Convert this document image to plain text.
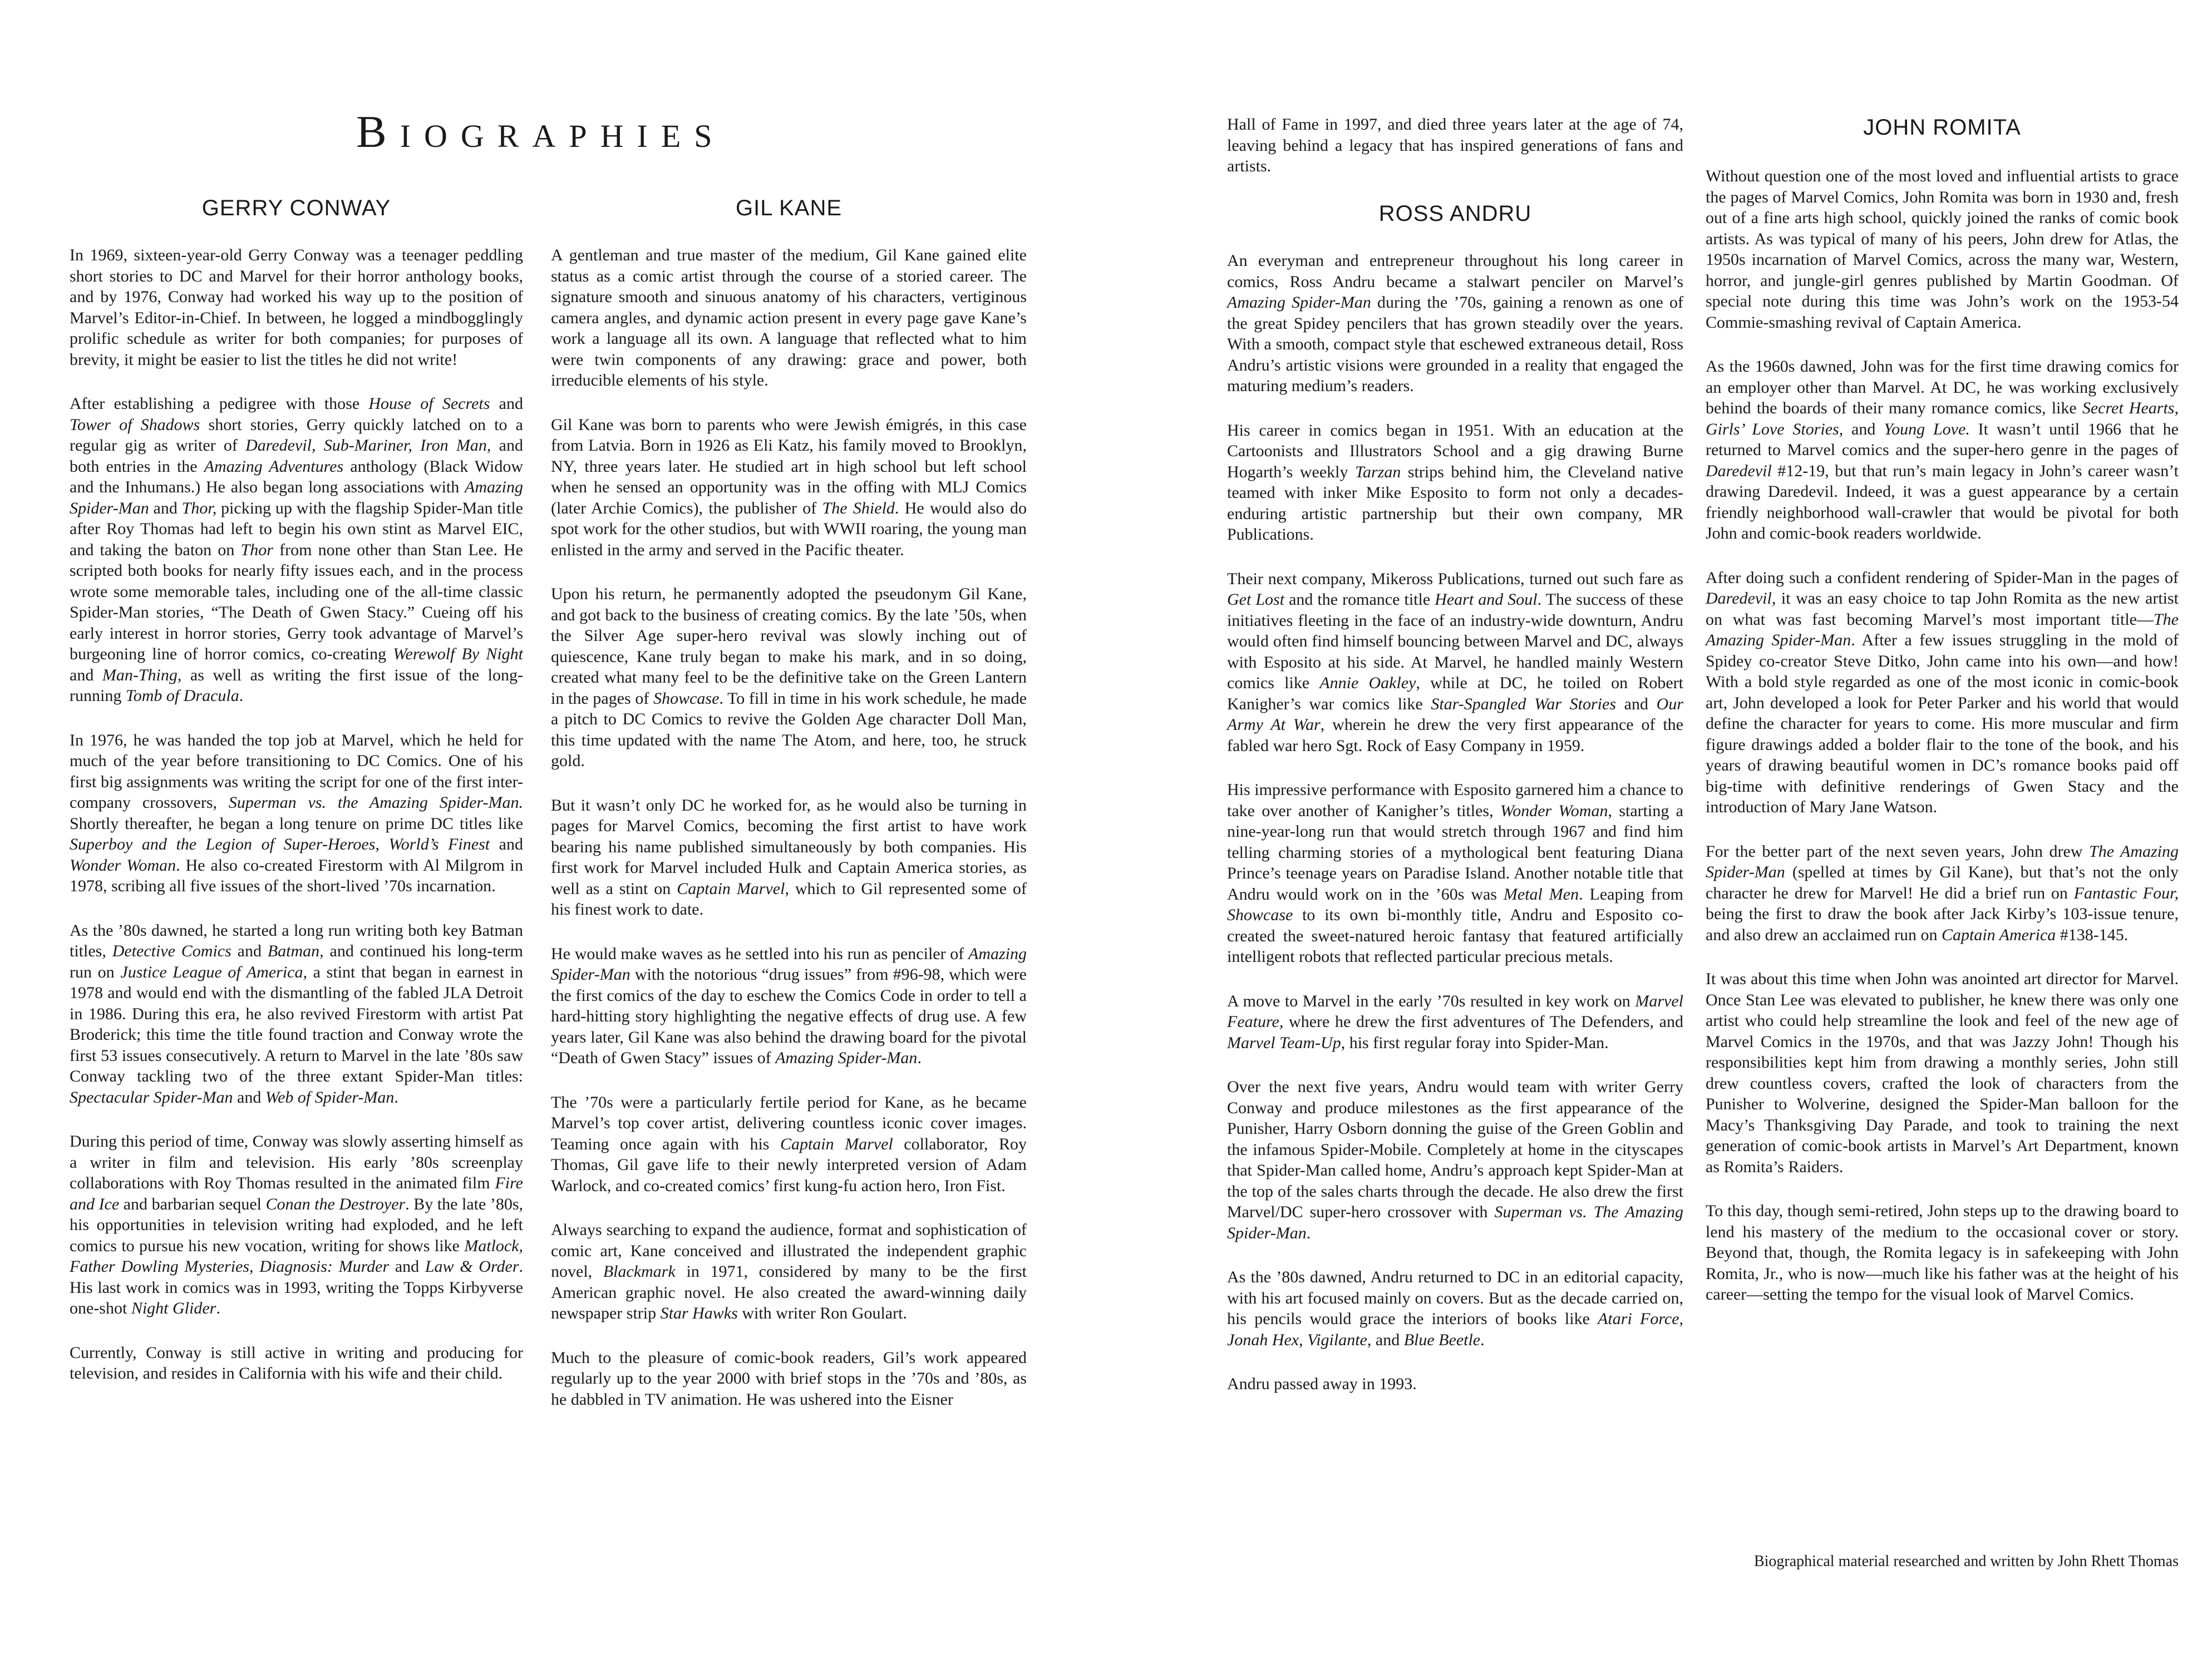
BIOGRAPHIES
GERRY CONWAY

In 1969, sixteen-year-old Gerry Conway was a teenager peddling short stories to DC and Marvel for their horror anthology books, and by 1976, Conway had worked his way up to the position of Marvel’s Editor-in-Chief. In between, he logged a mindbogglingly prolific schedule as writer for both companies; for purposes of brevity, it might be easier to list the titles he did not write!

After establishing a pedigree with those House of Secrets and Tower of Shadows short stories, Gerry quickly latched on to a regular gig as writer of Daredevil, Sub-Mariner, Iron Man, and both entries in the Amazing Adventures anthology (Black Widow and the Inhumans.) He also began long associations with Amazing Spider-Man and Thor, picking up with the flagship Spider-Man title after Roy Thomas had left to begin his own stint as Marvel EIC, and taking the baton on Thor from none other than Stan Lee. He scripted both books for nearly fifty issues each, and in the process wrote some memorable tales, including one of the all-time classic Spider-Man stories, “The Death of Gwen Stacy.” Cueing off his early interest in horror stories, Gerry took advantage of Marvel’s burgeoning line of horror comics, co-creating Werewolf By Night and Man-Thing, as well as writing the first issue of the long-running Tomb of Dracula.

In 1976, he was handed the top job at Marvel, which he held for much of the year before transitioning to DC Comics. One of his first big assignments was writing the script for one of the first inter-company crossovers, Superman vs. the Amazing Spider-Man. Shortly thereafter, he began a long tenure on prime DC titles like Superboy and the Legion of Super-Heroes, World’s Finest and Wonder Woman. He also co-created Firestorm with Al Milgrom in 1978, scribing all five issues of the short-lived ’70s incarnation.

As the ’80s dawned, he started a long run writing both key Batman titles, Detective Comics and Batman, and continued his long-term run on Justice League of America, a stint that began in earnest in 1978 and would end with the dismantling of the fabled JLA Detroit in 1986. During this era, he also revived Firestorm with artist Pat Broderick; this time the title found traction and Conway wrote the first 53 issues consecutively. A return to Marvel in the late ’80s saw Conway tackling two of the three extant Spider-Man titles: Spectacular Spider-Man and Web of Spider-Man.

During this period of time, Conway was slowly asserting himself as a writer in film and television. His early ’80s screenplay collaborations with Roy Thomas resulted in the animated film Fire and Ice and barbarian sequel Conan the Destroyer. By the late ’80s, his opportunities in television writing had exploded, and he left comics to pursue his new vocation, writing for shows like Matlock, Father Dowling Mysteries, Diagnosis: Murder and Law & Order. His last work in comics was in 1993, writing the Topps Kirbyverse one-shot Night Glider.

Currently, Conway is still active in writing and producing for television, and resides in California with his wife and their child.

GIL KANE

A gentleman and true master of the medium, Gil Kane gained elite status as a comic artist through the course of a storied career. The signature smooth and sinuous anatomy of his characters, vertiginous camera angles, and dynamic action present in every page gave Kane’s work a language all its own. A language that reflected what to him were twin components of any drawing: grace and power, both irreducible elements of his style.

Gil Kane was born to parents who were Jewish émigrés, in this case from Latvia. Born in 1926 as Eli Katz, his family moved to Brooklyn, NY, three years later. He studied art in high school but left school when he sensed an opportunity was in the offing with MLJ Comics (later Archie Comics), the publisher of The Shield. He would also do spot work for the other studios, but with WWII roaring, the young man enlisted in the army and served in the Pacific theater.

Upon his return, he permanently adopted the pseudonym Gil Kane, and got back to the business of creating comics. By the late ’50s, when the Silver Age super-hero revival was slowly inching out of quiescence, Kane truly began to make his mark, and in so doing, created what many feel to be the definitive take on the Green Lantern in the pages of Showcase. To fill in time in his work schedule, he made a pitch to DC Comics to revive the Golden Age character Doll Man, this time updated with the name The Atom, and here, too, he struck gold.

But it wasn’t only DC he worked for, as he would also be turning in pages for Marvel Comics, becoming the first artist to have work bearing his name published simultaneously by both companies. His first work for Marvel included Hulk and Captain America stories, as well as a stint on Captain Marvel, which to Gil represented some of his finest work to date.

He would make waves as he settled into his run as penciler of Amazing Spider-Man with the notorious “drug issues” from #96-98, which were the first comics of the day to eschew the Comics Code in order to tell a hard-hitting story highlighting the negative effects of drug use. A few years later, Gil Kane was also behind the drawing board for the pivotal “Death of Gwen Stacy” issues of Amazing Spider-Man.

The ’70s were a particularly fertile period for Kane, as he became Marvel’s top cover artist, delivering countless iconic cover images. Teaming once again with his Captain Marvel collaborator, Roy Thomas, Gil gave life to their newly interpreted version of Adam Warlock, and co-created comics’ first kung-fu action hero, Iron Fist.

Always searching to expand the audience, format and sophistication of comic art, Kane conceived and illustrated the independent graphic novel, Blackmark in 1971, considered by many to be the first American graphic novel. He also created the award-winning daily newspaper strip Star Hawks with writer Ron Goulart.

Much to the pleasure of comic-book readers, Gil’s work appeared regularly up to the year 2000 with brief stops in the ’70s and ’80s, as he dabbled in TV animation. He was ushered into the Eisner

Hall of Fame in 1997, and died three years later at the age of 74, leaving behind a legacy that has inspired generations of fans and artists.

ROSS ANDRU

An everyman and entrepreneur throughout his long career in comics, Ross Andru became a stalwart penciler on Marvel’s Amazing Spider-Man during the ’70s, gaining a renown as one of the great Spidey pencilers that has grown steadily over the years. With a smooth, compact style that eschewed extraneous detail, Ross Andru’s artistic visions were grounded in a reality that engaged the maturing medium’s readers.

His career in comics began in 1951. With an education at the Cartoonists and Illustrators School and a gig drawing Burne Hogarth’s weekly Tarzan strips behind him, the Cleveland native teamed with inker Mike Esposito to form not only a decades-enduring artistic partnership but their own company, MR Publications.

Their next company, Mikeross Publications, turned out such fare as Get Lost and the romance title Heart and Soul. The success of these initiatives fleeting in the face of an industry-wide downturn, Andru would often find himself bouncing between Marvel and DC, always with Esposito at his side. At Marvel, he handled mainly Western comics like Annie Oakley, while at DC, he toiled on Robert Kanigher’s war comics like Star-Spangled War Stories and Our Army At War, wherein he drew the very first appearance of the fabled war hero Sgt. Rock of Easy Company in 1959.

His impressive performance with Esposito garnered him a chance to take over another of Kanigher’s titles, Wonder Woman, starting a nine-year-long run that would stretch through 1967 and find him telling charming stories of a mythological bent featuring Diana Prince’s teenage years on Paradise Island. Another notable title that Andru would work on in the ’60s was Metal Men. Leaping from Showcase to its own bi-monthly title, Andru and Esposito co-created the sweet-natured heroic fantasy that featured artificially intelligent robots that reflected particular precious metals.

A move to Marvel in the early ’70s resulted in key work on Marvel Feature, where he drew the first adventures of The Defenders, and Marvel Team-Up, his first regular foray into Spider-Man.

Over the next five years, Andru would team with writer Gerry Conway and produce milestones as the first appearance of the Punisher, Harry Osborn donning the guise of the Green Goblin and the infamous Spider-Mobile. Completely at home in the cityscapes that Spider-Man called home, Andru’s approach kept Spider-Man at the top of the sales charts through the decade. He also drew the first Marvel/DC super-hero crossover with Superman vs. The Amazing Spider-Man.

As the ’80s dawned, Andru returned to DC in an editorial capacity, with his art focused mainly on covers. But as the decade carried on, his pencils would grace the interiors of books like Atari Force, Jonah Hex, Vigilante, and Blue Beetle.

Andru passed away in 1993.

JOHN ROMITA

Without question one of the most loved and influential artists to grace the pages of Marvel Comics, John Romita was born in 1930 and, fresh out of a fine arts high school, quickly joined the ranks of comic book artists. As was typical of many of his peers, John drew for Atlas, the 1950s incarnation of Marvel Comics, across the many war, Western, horror, and jungle-girl genres published by Martin Goodman. Of special note during this time was John’s work on the 1953-54 Commie-smashing revival of Captain America.

As the 1960s dawned, John was for the first time drawing comics for an employer other than Marvel. At DC, he was working exclusively behind the boards of their many romance comics, like Secret Hearts, Girls’ Love Stories, and Young Love. It wasn’t until 1966 that he returned to Marvel comics and the super-hero genre in the pages of Daredevil #12-19, but that run’s main legacy in John’s career wasn’t drawing Daredevil. Indeed, it was a guest appearance by a certain friendly neighborhood wall-crawler that would be pivotal for both John and comic-book readers worldwide.

After doing such a confident rendering of Spider-Man in the pages of Daredevil, it was an easy choice to tap John Romita as the new artist on what was fast becoming Marvel’s most important title—The Amazing Spider-Man. After a few issues struggling in the mold of Spidey co-creator Steve Ditko, John came into his own—and how! With a bold style regarded as one of the most iconic in comic-book art, John developed a look for Peter Parker and his world that would define the character for years to come. His more muscular and firm figure drawings added a bolder flair to the tone of the book, and his years of drawing beautiful women in DC’s romance books paid off big-time with definitive renderings of Gwen Stacy and the introduction of Mary Jane Watson.

For the better part of the next seven years, John drew The Amazing Spider-Man (spelled at times by Gil Kane), but that’s not the only character he drew for Marvel! He did a brief run on Fantastic Four, being the first to draw the book after Jack Kirby’s 103-issue tenure, and also drew an acclaimed run on Captain America #138-145.

It was about this time when John was anointed art director for Marvel. Once Stan Lee was elevated to publisher, he knew there was only one artist who could help streamline the look and feel of the new age of Marvel Comics in the 1970s, and that was Jazzy John! Though his responsibilities kept him from drawing a monthly series, John still drew countless covers, crafted the look of characters from the Punisher to Wolverine, designed the Spider-Man balloon for the Macy’s Thanksgiving Day Parade, and took to training the next generation of comic-book artists in Marvel’s Art Department, known as Romita’s Raiders.

To this day, though semi-retired, John steps up to the drawing board to lend his mastery of the medium to the occasional cover or story. Beyond that, though, the Romita legacy is in safekeeping with John Romita, Jr., who is now—much like his father was at the height of his career—setting the tempo for the visual look of Marvel Comics.

Biographical material researched and written by John Rhett Thomas
